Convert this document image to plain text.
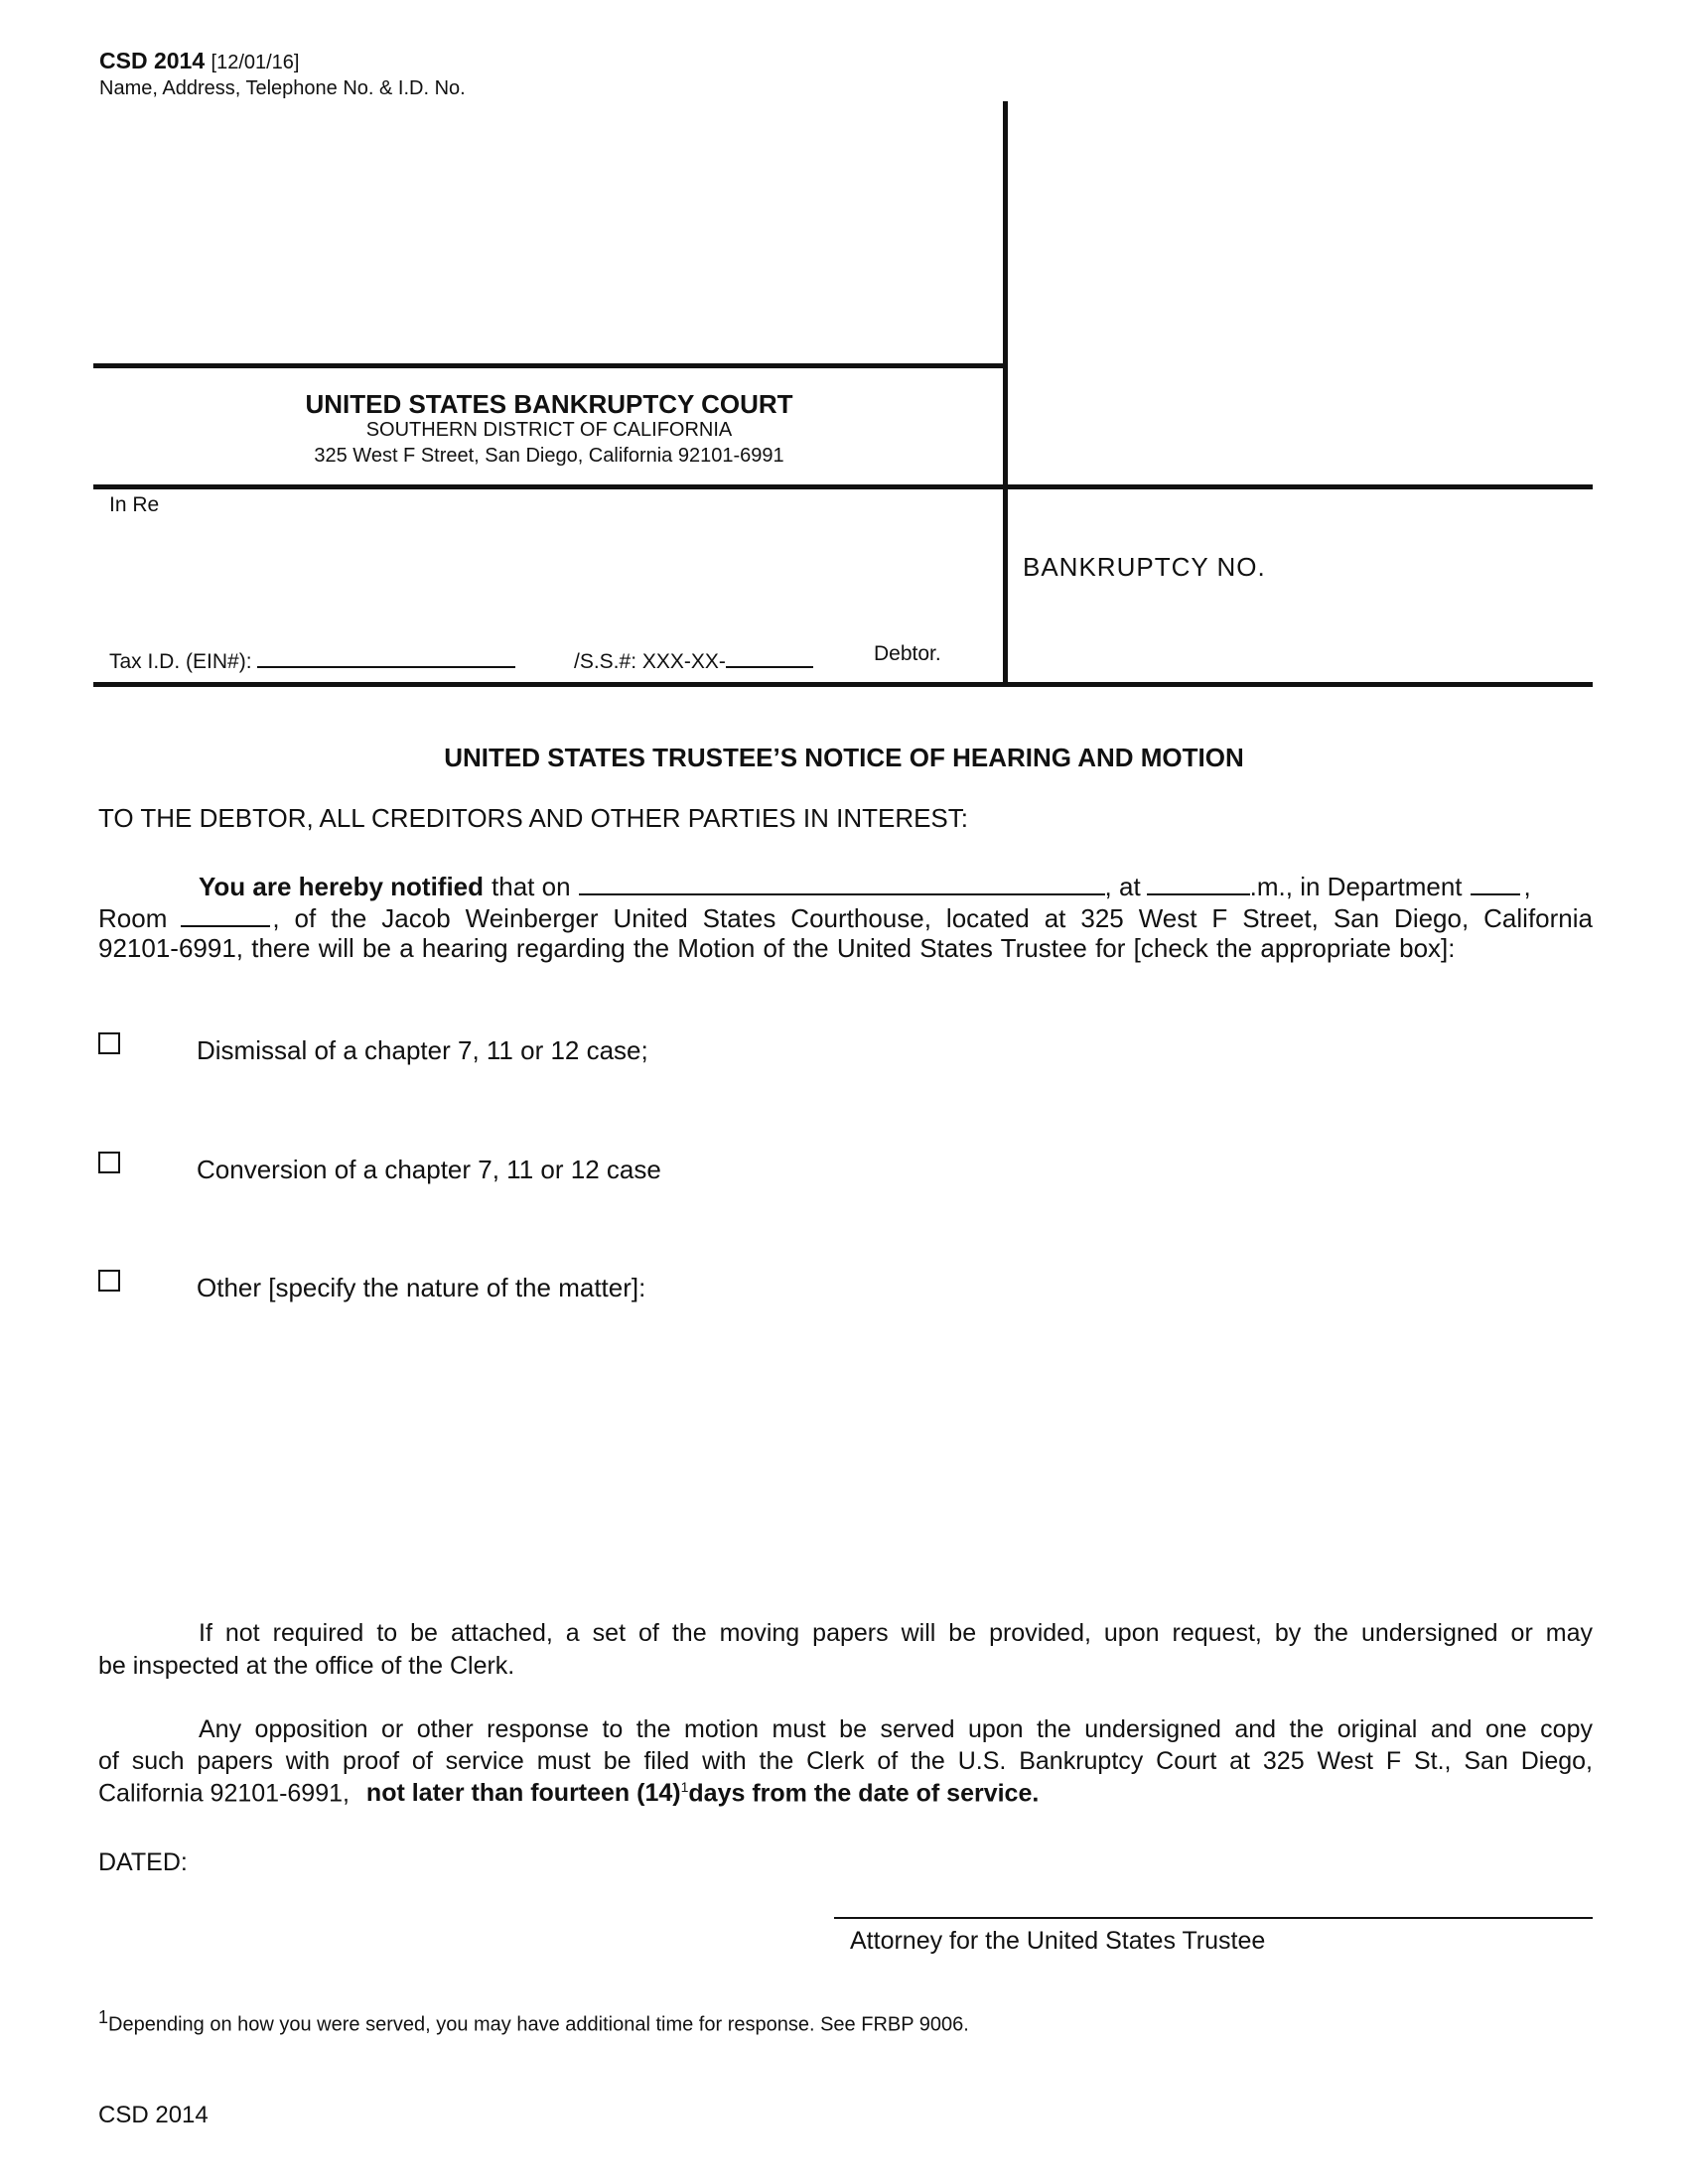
CSD 2014 [12/01/16]
Name, Address, Telephone No. & I.D. No.
UNITED STATES BANKRUPTCY COURT
SOUTHERN DISTRICT OF CALIFORNIA
325 West F Street, San Diego, California 92101-6991
In Re
BANKRUPTCY NO.
Tax I.D. (EIN#):	/S.S.#: XXX-XX-	Debtor.
UNITED STATES TRUSTEE’S NOTICE OF HEARING AND MOTION
TO THE DEBTOR, ALL CREDITORS AND OTHER PARTIES IN INTEREST:
You are hereby notified that on	, at	.m., in Department ,
Room	, of the Jacob Weinberger United States Courthouse, located at 325 West F Street, San Diego, California
92101-6991, there will be a hearing regarding the Motion of the United States Trustee for [check the appropriate box]:
Dismissal of a chapter 7, 11 or 12 case;
Conversion of a chapter 7, 11 or 12 case
Other [specify the nature of the matter]:
If not required to be attached, a set of the moving papers will be provided, upon request, by the undersigned or may
be inspected at the office of the Clerk.
Any opposition or other response to the motion must be served upon the undersigned and the original and one copy
of such papers with proof of service must be filed with the Clerk of the U.S. Bankruptcy Court at 325 West F St., San Diego,
California 92101-6991, not later than fourteen $(14)^1days$ from the date of service.
DATED:
Attorney for the United States Trustee
$^1$Depending on how you were served, you may have additional time for response. See FRBP 9006.
CSD 2014
